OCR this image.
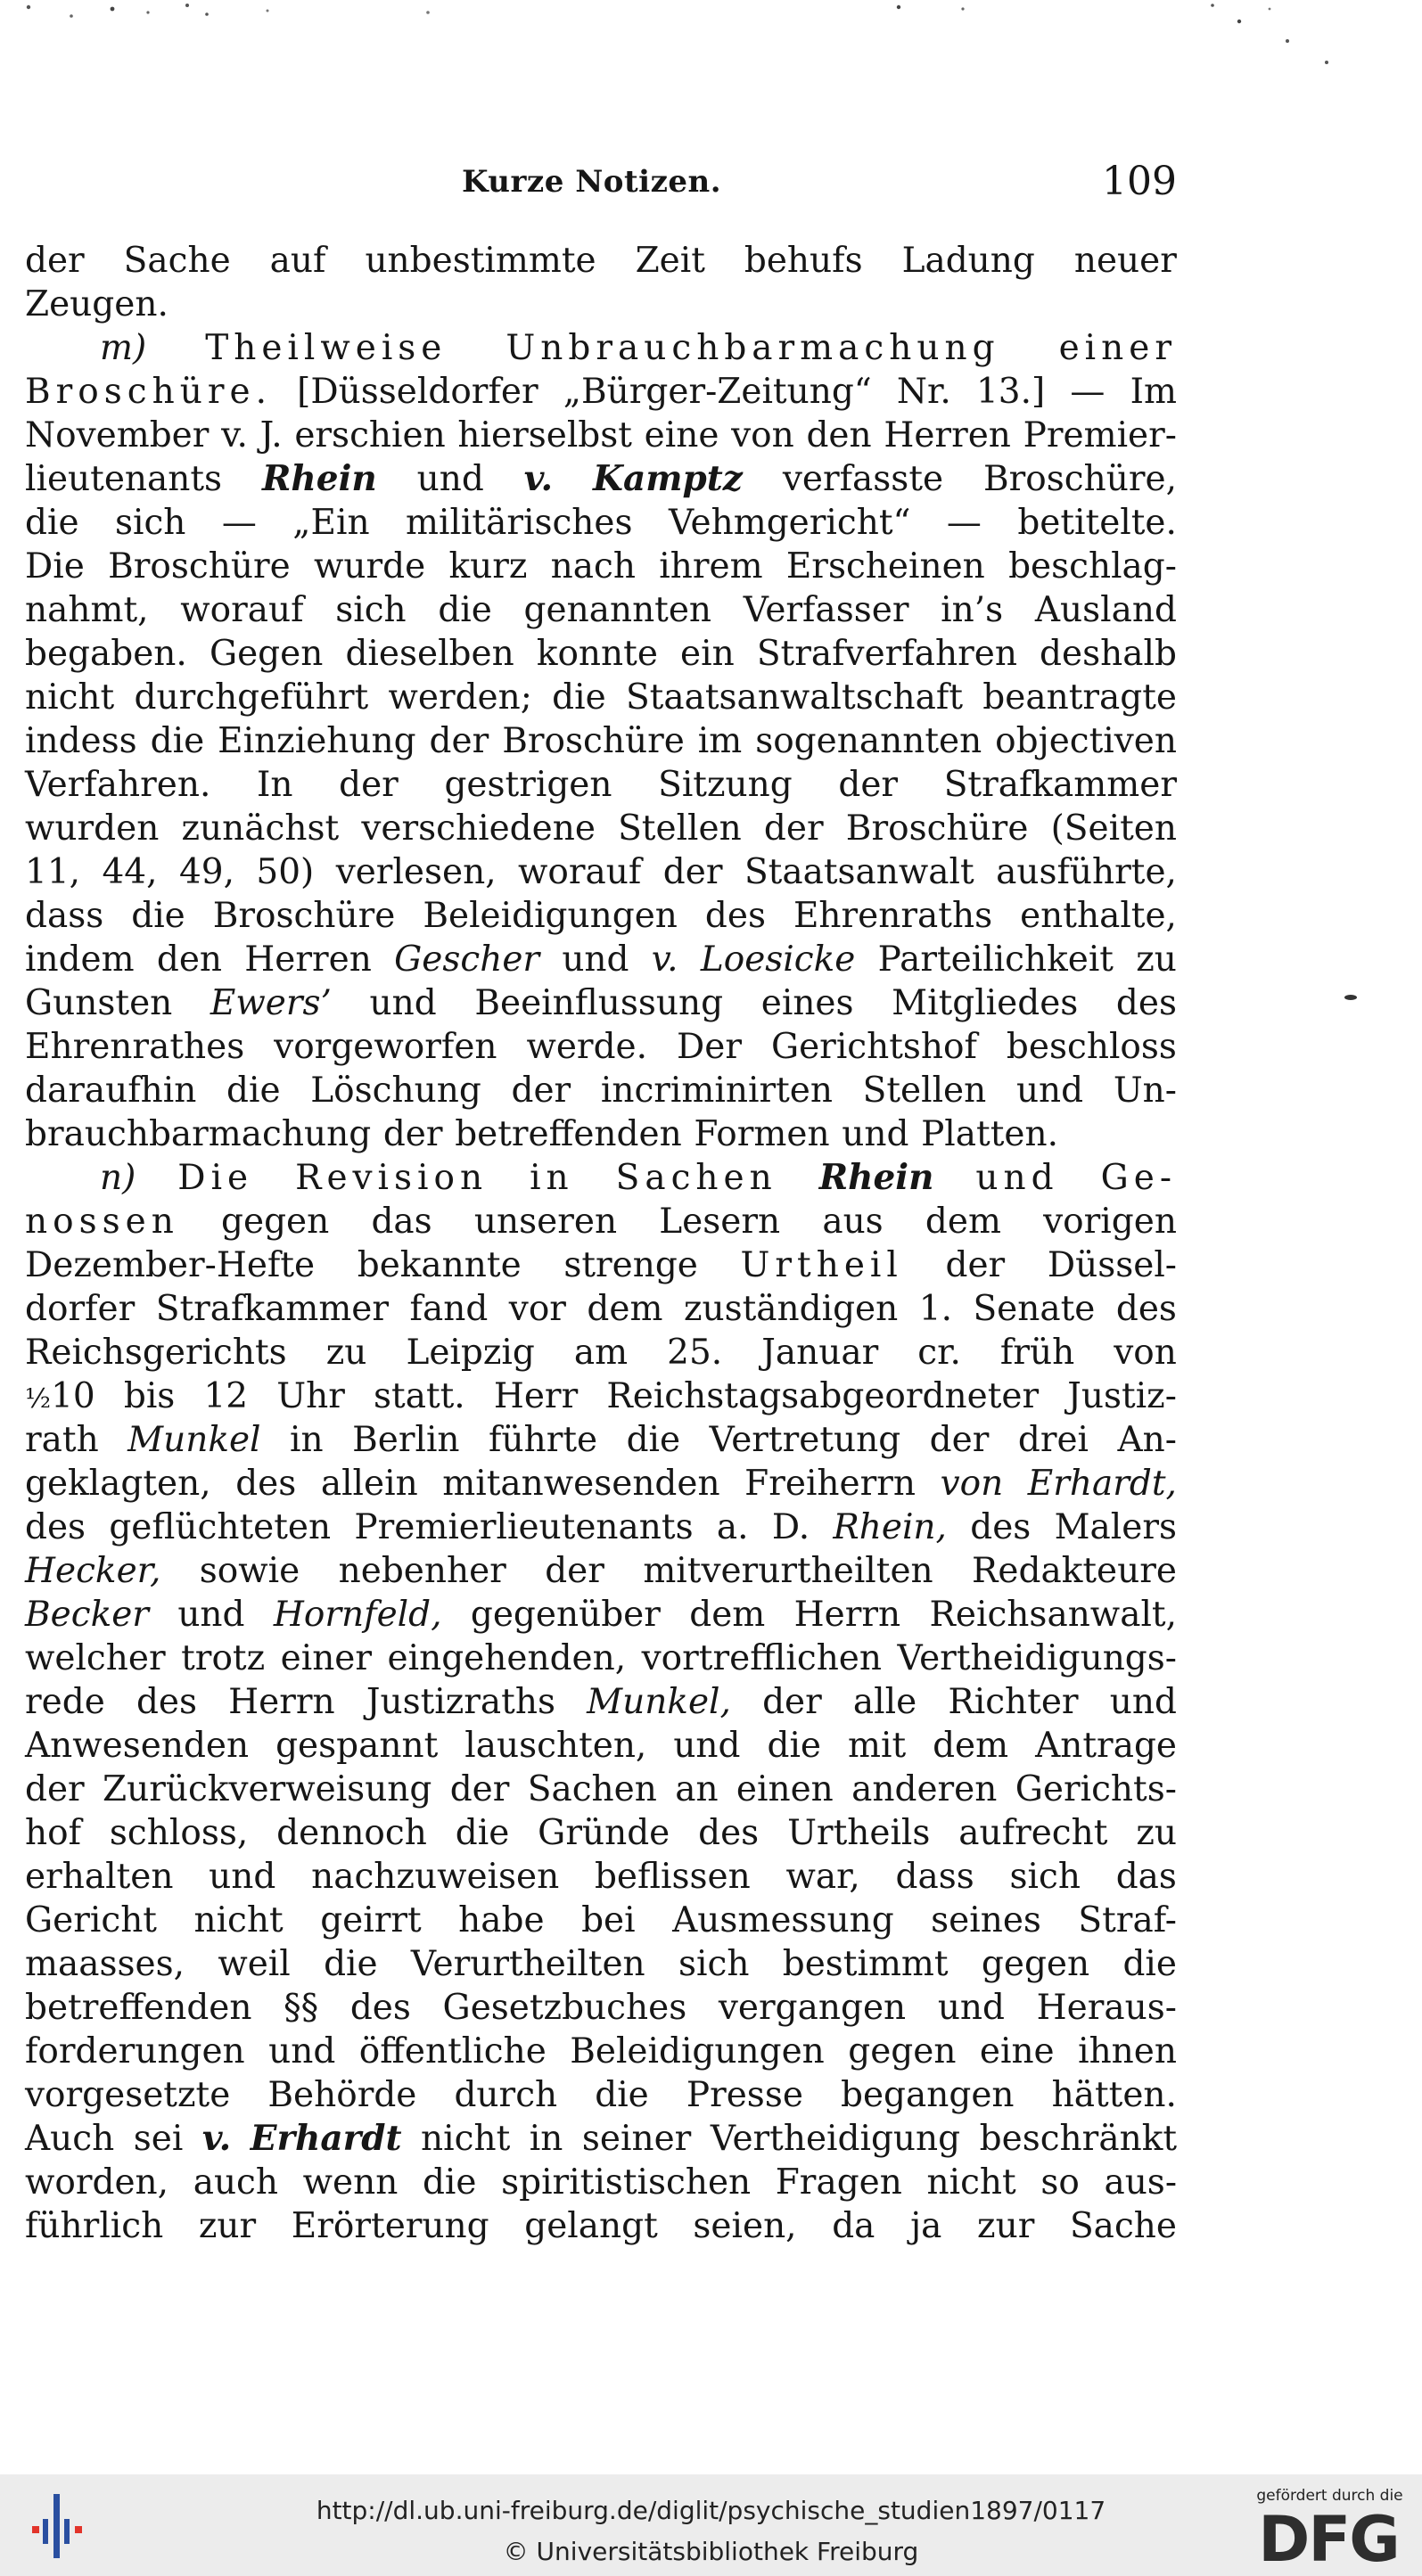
Kurze Notizen.	109
der Sache auf unbestimmte Zeit behufs Ladung neuer
Zeugen.
m) Theilweise Unbrauchbarmachung einer
Broschüre. [Düsseldorfer „Bürger-Zeitung“ Nr. 13.] — Im
November v. J. erschien hierselbst eine von den Herren Premier-
lieutenants Rhein und v. Kamptz verfasste Broschüre,
die sich — „Ein militärisches Vehmgericht“ — betitelte.
Die Broschüre wurde kurz nach ihrem Erscheinen beschlag-
nahmt, worauf sich die genannten Verfasser in’s Ausland
begaben. Gegen dieselben konnte ein Strafverfahren deshalb
nicht durchgeführt werden; die Staatsanwaltschaft beantragte
indess die Einziehung der Broschüre im sogenannten objectiven
Verfahren. In der gestrigen Sitzung der Strafkammer
wurden zunächst verschiedene Stellen der Broschüre (Seiten
11, 44, 49, 50) verlesen, worauf der Staatsanwalt ausführte,
dass die Broschüre Beleidigungen des Ehrenraths enthalte,
indem den Herren Gescher und v. Loesicke Parteilichkeit zu
Gunsten Ewers’ und Beeinflussung eines Mitgliedes des
Ehrenrathes vorgeworfen werde. Der Gerichtshof beschloss
daraufhin die Löschung der incriminirten Stellen und Un-
brauchbarmachung der betreffenden Formen und Platten.
n) Die Revision in Sachen Rhein und Ge-
nossen gegen das unseren Lesern aus dem vorigen
Dezember-Hefte bekannte strenge Urtheil der Düssel-
dorfer Strafkammer fand vor dem zuständigen 1. Senate des
Reichsgerichts zu Leipzig am 25. Januar cr. früh von
½10 bis 12 Uhr statt. Herr Reichstagsabgeordneter Justiz-
rath Munkel in Berlin führte die Vertretung der drei An-
geklagten, des allein mitanwesenden Freiherrn von Erhardt,
des geflüchteten Premierlieutenants a. D. Rhein, des Malers
Hecker, sowie nebenher der mitverurtheilten Redakteure
Becker und Hornfeld, gegenüber dem Herrn Reichsanwalt,
welcher trotz einer eingehenden, vortrefflichen Vertheidigungs-
rede des Herrn Justizraths Munkel, der alle Richter und
Anwesenden gespannt lauschten, und die mit dem Antrage
der Zurückverweisung der Sachen an einen anderen Gerichts-
hof schloss, dennoch die Gründe des Urtheils aufrecht zu
erhalten und nachzuweisen beflissen war, dass sich das
Gericht nicht geirrt habe bei Ausmessung seines Straf-
maasses, weil die Verurtheilten sich bestimmt gegen die
betreffenden §§ des Gesetzbuches vergangen und Heraus-
forderungen und öffentliche Beleidigungen gegen eine ihnen
vorgesetzte Behörde durch die Presse begangen hätten.
Auch sei v. Erhardt nicht in seiner Vertheidigung beschränkt
worden, auch wenn die spiritistischen Fragen nicht so aus-
führlich zur Erörterung gelangt seien, da ja zur Sache
http://dl.ub.uni-freiburg.de/diglit/psychische_studien1897/0117
© Universitätsbibliothek Freiburg
gefördert durch die
DFG
